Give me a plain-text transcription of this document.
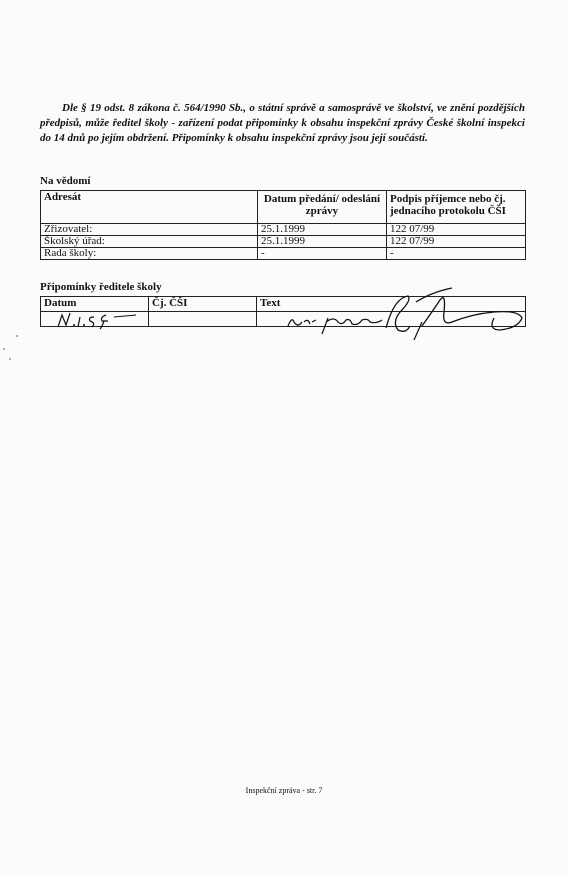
Dle § 19 odst. 8 zákona č. 564/1990 Sb., o státní správě a samosprávě ve školství, ve znění pozdějších předpisů, může ředitel školy - zařízení podat připomínky k obsahu inspekční zprávy České školní inspekci do 14 dnů po jejím obdržení. Připomínky k obsahu inspekční zprávy jsou její součástí.
Na vědomí
Adresát	Datum předání/ odeslání zprávy	Podpis příjemce nebo čj. jednacího protokolu ČŠI
Zřizovatel:	25.1.1999	122 07/99
Školský úřad:	25.1.1999	122 07/99
Rada školy:	-	-
Připomínky ředitele školy
Datum	Čj. ČŠI	Text

Inspekční zpráva - str. 7
